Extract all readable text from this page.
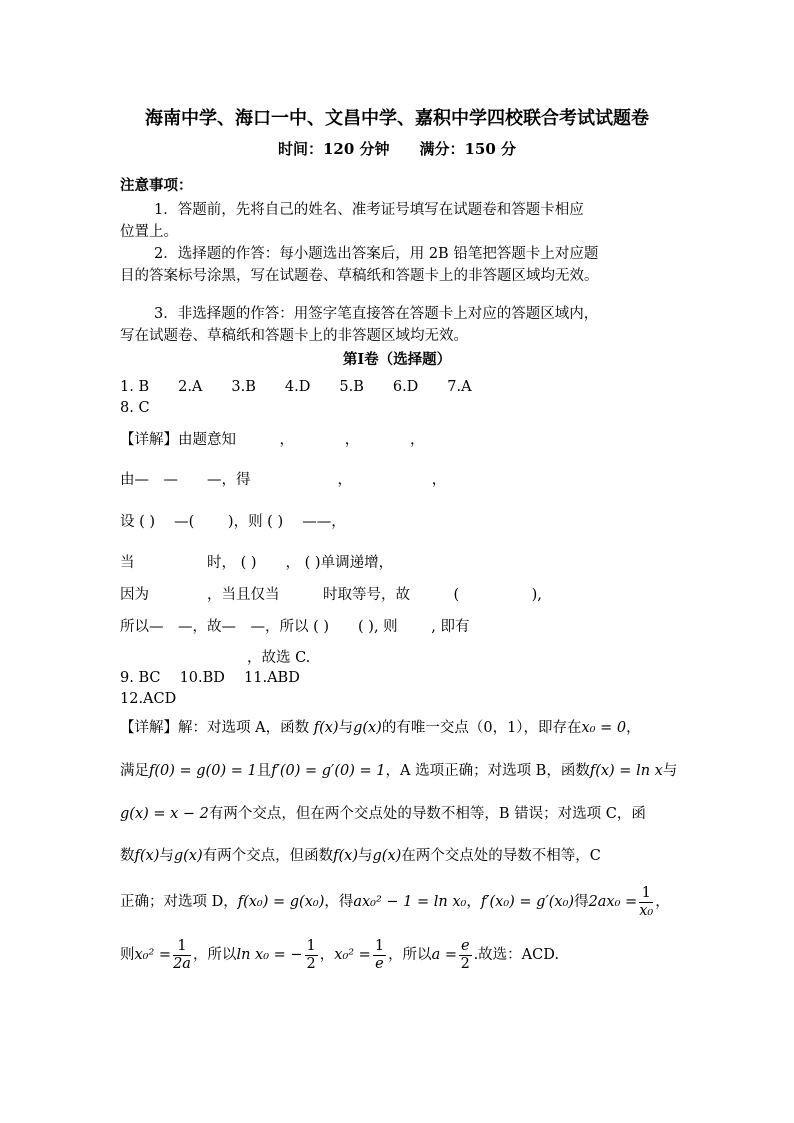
海南中学、海口一中、文昌中学、嘉积中学四校联合考试试题卷
时间：120 分钟　　满分：150 分
注意事项：
1．答题前，先将自己的姓名、准考证号填写在试题卷和答题卡相应
位置上。
2．选择题的作答：每小题选出答案后，用 2B 铅笔把答题卡上对应题
目的答案标号涂黑，写在试题卷、草稿纸和答题卡上的非答题区域均无效。
3．非选择题的作答：用签字笔直接答在答题卡上对应的答题区域内，
写在试题卷、草稿纸和答题卡上的非答题区域均无效。
第Ⅰ卷（选择题）
1. B　　2.A　　3.B　　4.D　　5.B　　6.D　　7.A
8. C
【详解】由题意知　　　，　　　　，　　　　，
由—　—　　—，得　　　　　　，　　　　　　，
设 ( )　 —(　　 )，则 ( )　 ——，
当　　　　　时， ( )　　， ( )单调递增，
因为　　　　，当且仅当　　　时取等号，故　　　(　　　　　),
所以—　—，故—　—，所以 ( )　　( ), 则　　 , 即有
，故选 C.
9. BC　 10.BD　 11.ABD
12.ACD
【详解】解：对选项 A，函数 f(x)与g(x)的有唯一交点（0，1），即存在x₀ = 0，
满足f(0) = g(0) = 1且f′(0) = g′(0) = 1，A 选项正确；对选项 B，函数f(x) = ln x与
g(x) = x − 2有两个交点，但在两个交点处的导数不相等，B 错误；对选项 C，函
数f(x)与g(x)有两个交点，但函数f(x)与g(x)在两个交点处的导数不相等，C
正确；对选项 D，f(x₀) = g(x₀)，得ax₀² − 1 = ln x₀，f′(x₀) = g′(x₀)得$2ax_0 = \frac{1}{\text{x₀}}$ ，
则$x_0^2 = \frac{1}{2a}$ ，所以ln x₀ = − $\frac{1}{2}$ ，$x_0^2 = \frac{1}{e}$ ，所以$a = \frac{e}{2}$ .故选：ACD.
